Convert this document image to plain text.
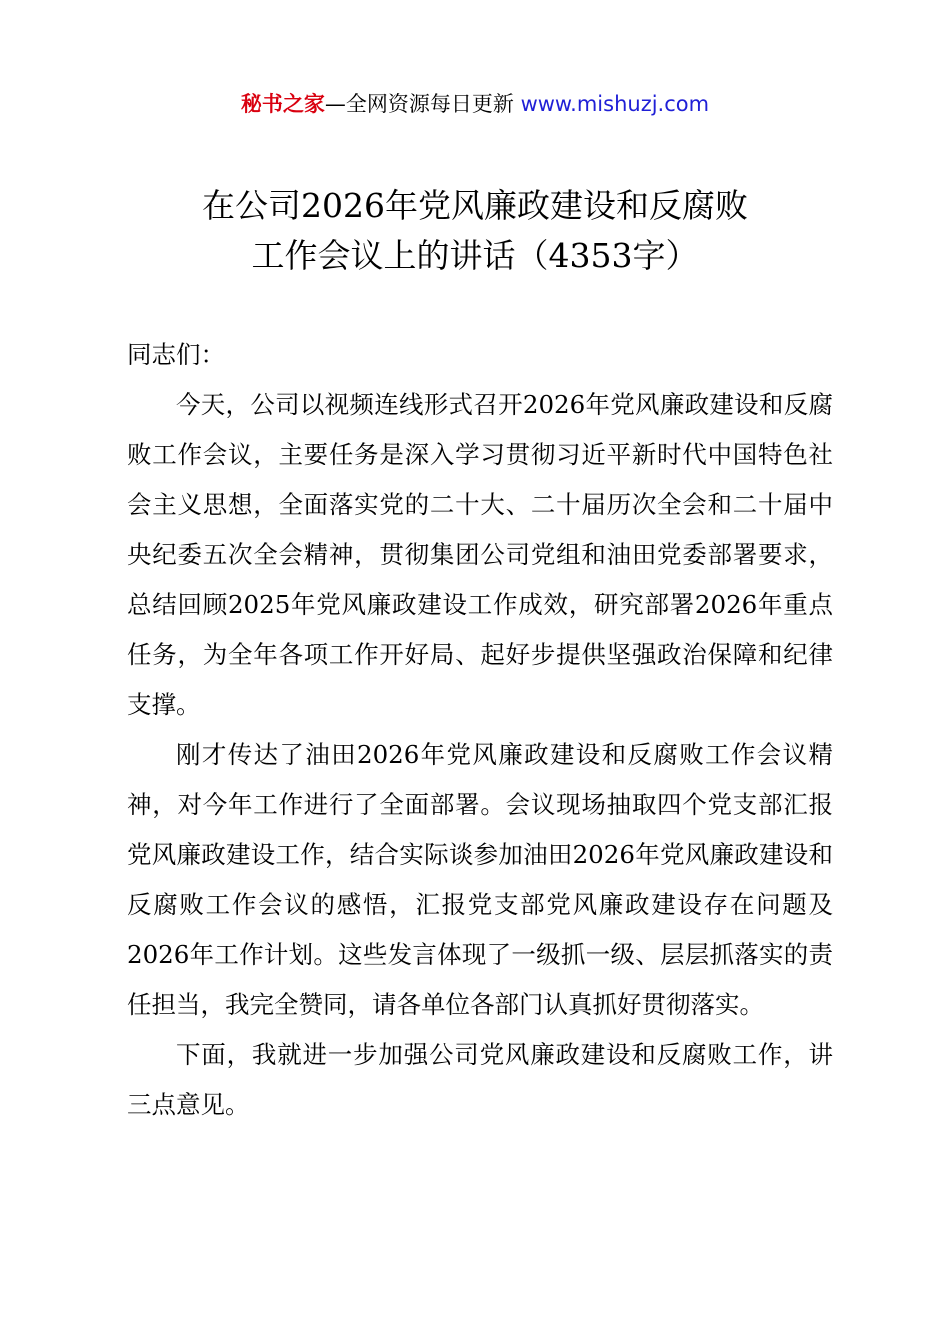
秘书之家—全网资源每日更新 www.mishuzj.com
在公司2026年党风廉政建设和反腐败
工作会议上的讲话（4353字）

同志们：

今天，公司以视频连线形式召开2026年党风廉政建设和反腐败工作会议，主要任务是深入学习贯彻习近平新时代中国特色社会主义思想，全面落实党的二十大、二十届历次全会和二十届中央纪委五次全会精神，贯彻集团公司党组和油田党委部署要求，总结回顾2025年党风廉政建设工作成效，研究部署2026年重点任务，为全年各项工作开好局、起好步提供坚强政治保障和纪律支撑。

刚才传达了油田2026年党风廉政建设和反腐败工作会议精神，对今年工作进行了全面部署。会议现场抽取四个党支部汇报党风廉政建设工作，结合实际谈参加油田2026年党风廉政建设和反腐败工作会议的感悟，汇报党支部党风廉政建设存在问题及2026年工作计划。这些发言体现了一级抓一级、层层抓落实的责任担当，我完全赞同，请各单位各部门认真抓好贯彻落实。

下面，我就进一步加强公司党风廉政建设和反腐败工作，讲三点意见。
